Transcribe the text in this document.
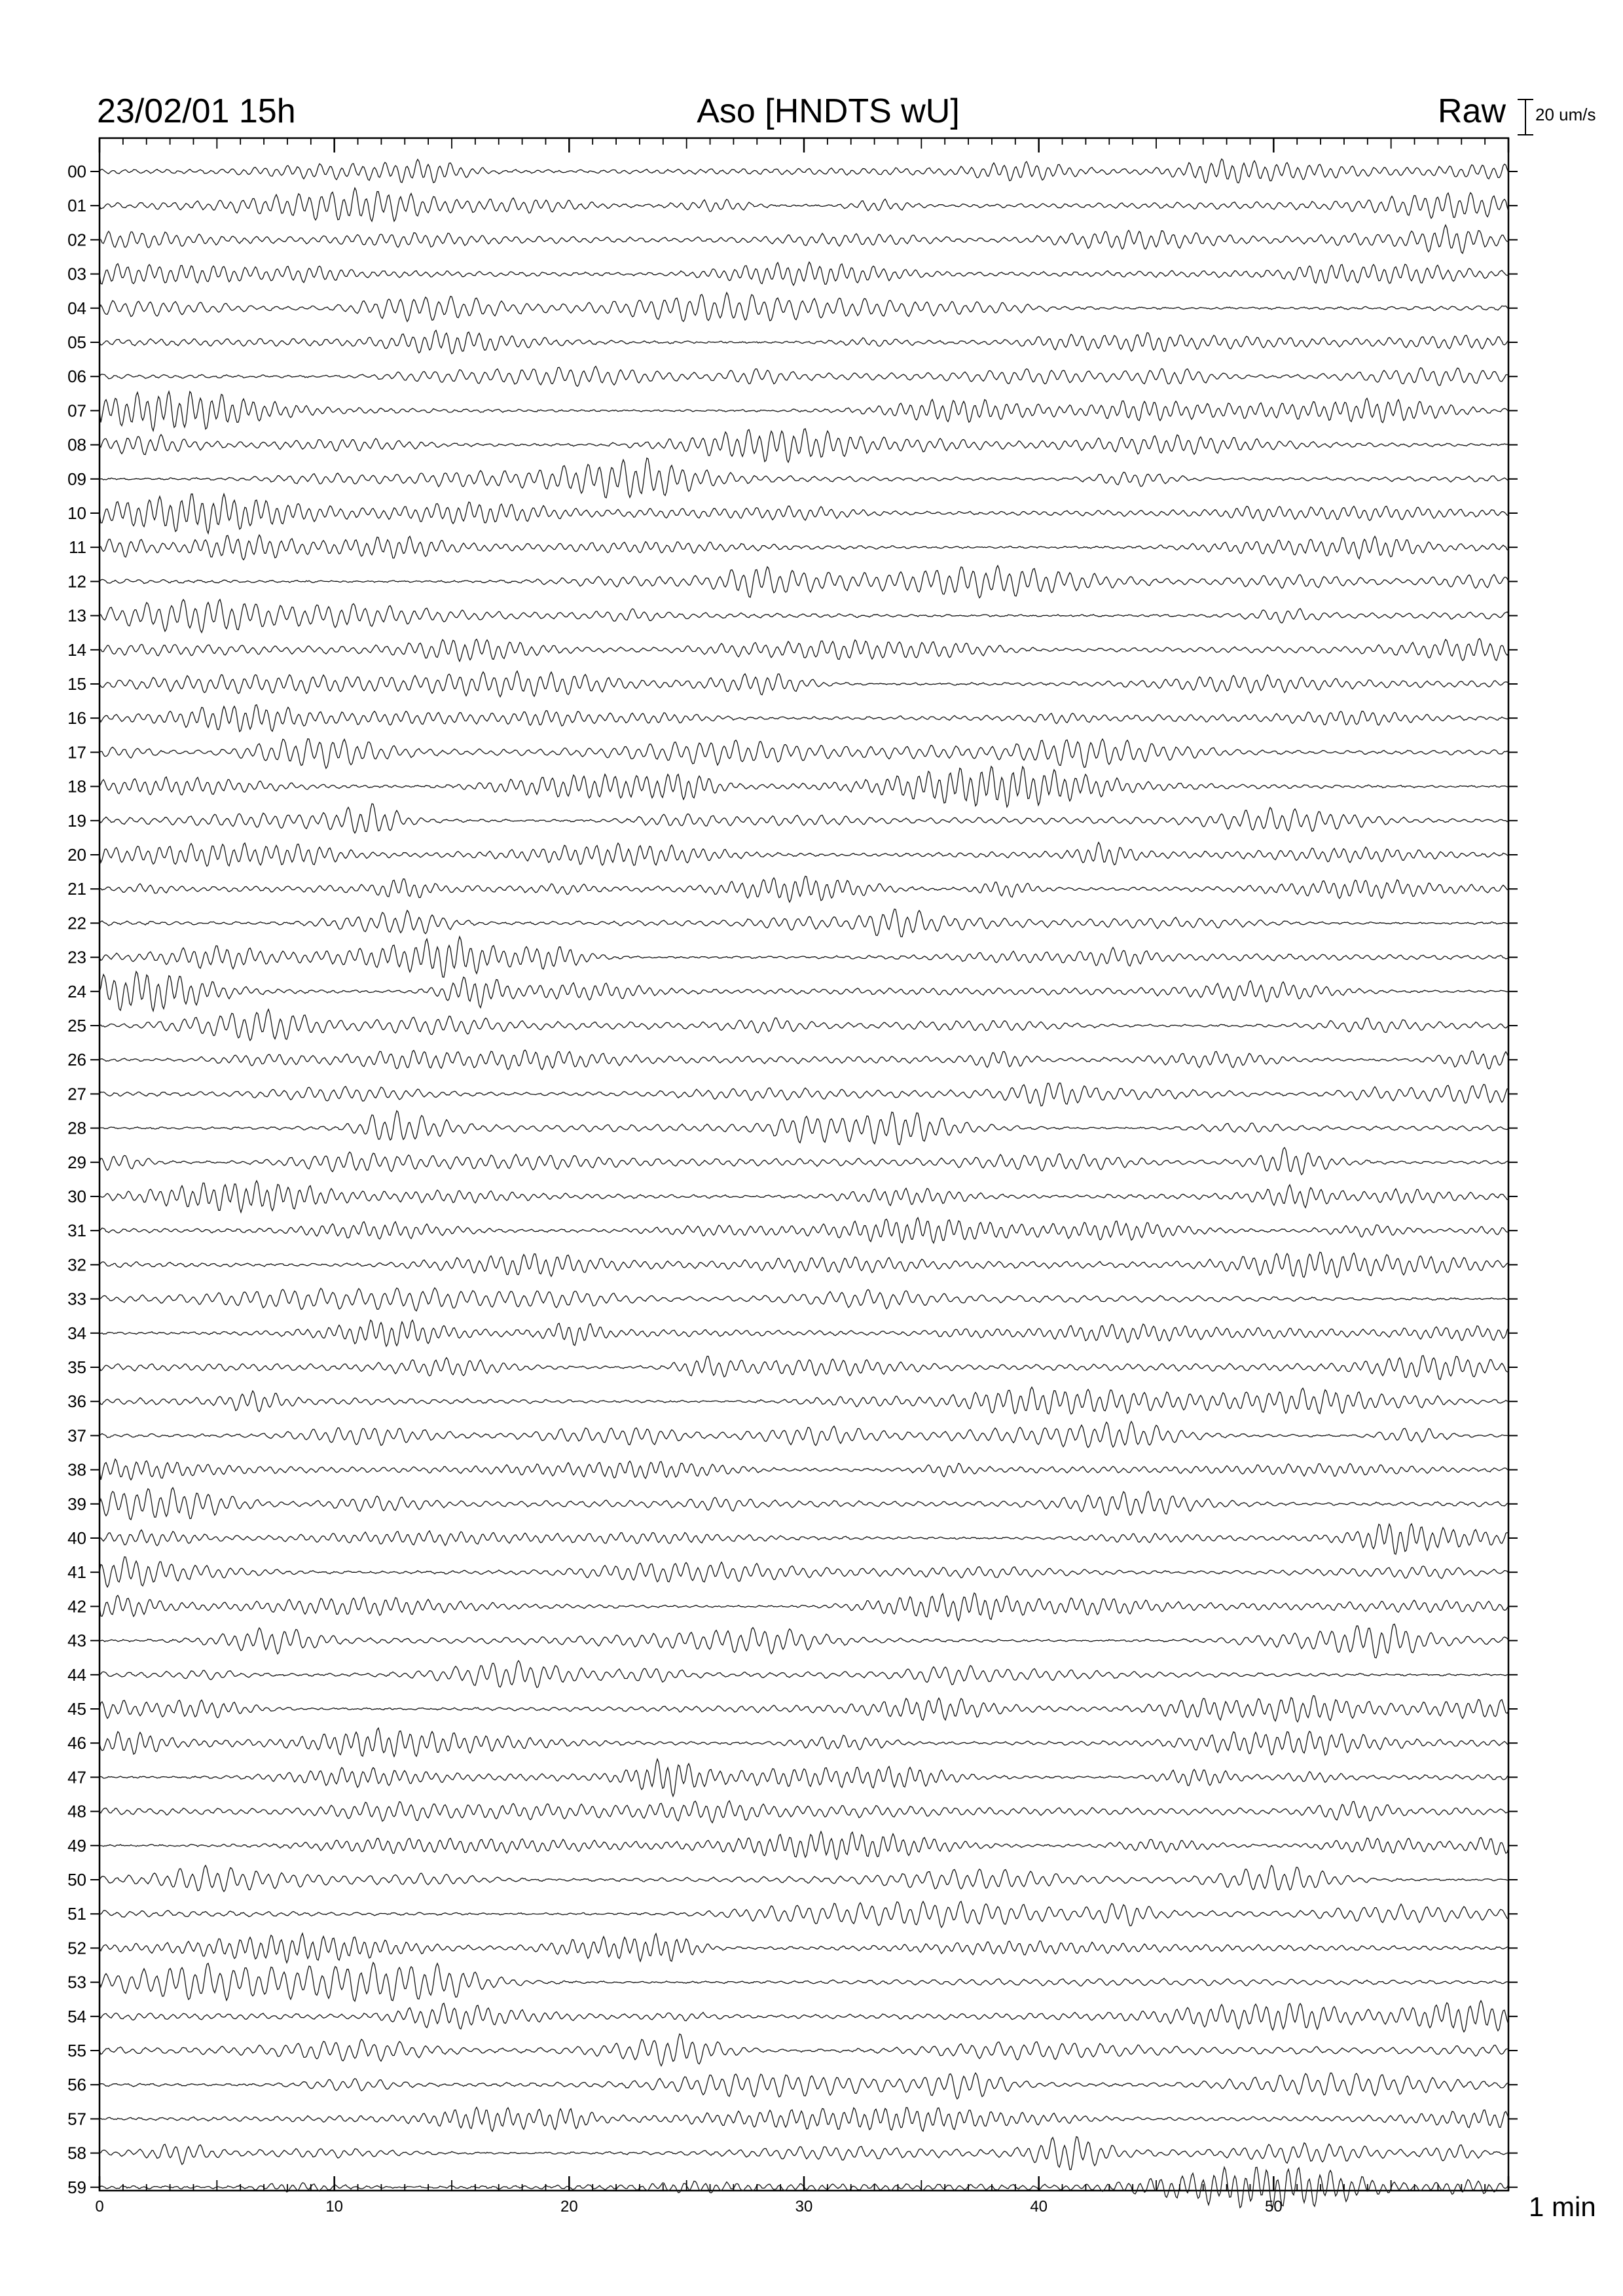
23/02/01 15h	Aso [HNDTS wU]	Raw 20 um/s
1 min
00
01
02
03
04
05
06
07
08
09
10
11
12
13
14
15
16
17
18
19
20
21
22
23
24
25
26
27
28
29
30
31
32
33
34
35
36
37
38
39
40
41
42
43
44
45
46
47
48
49
50
51
52
53
54
55
56
57
58
59
0	10	20	30	40	50
